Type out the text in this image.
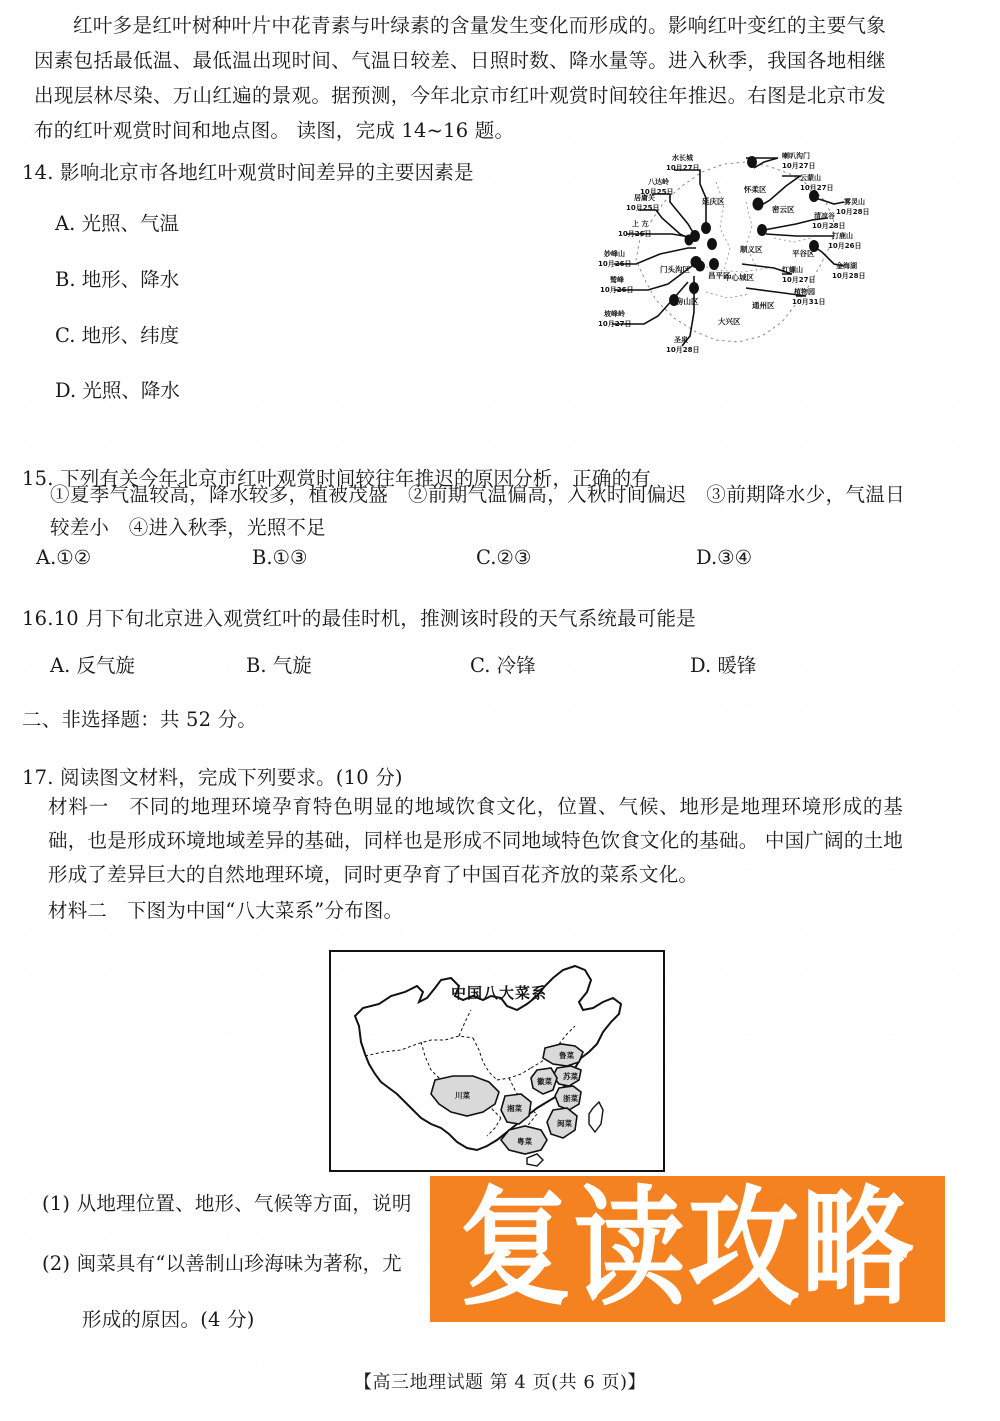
红叶多是红叶树种叶片中花青素与叶绿素的含量发生变化而形成的。影响红叶变红的主要气象因素包括最低温、最低温出现时间、气温日较差、日照时数、降水量等。进入秋季，我国各地相继出现层林尽染、万山红遍的景观。据预测，今年北京市红叶观赏时间较往年推迟。右图是北京市发布的红叶观赏时间和地点图。 读图，完成 14~16 题。
水长城
10月27日
喇叭沟门
10月27日
八达岭
10月25日
云蒙山
10月27日
居庸关
10月25日
雾灵山
10月28日
上 方
10月26日
清凉谷
10月28日
打鹿山
10月26日
妙峰山
10月26日	金海湖
10月28日
鹫峰
10月26日
红螺山
10月27日
坡峰岭
10月27日
植物园
10月31日
圣泉
10月28日
延庆区
昌平区
怀柔区
密云区
顺义区	平谷区
门头沟区
中心城区
房山区
大兴区
通州区
14. 影响北京市各地红叶观赏时间差异的主要因素是
A. 光照、气温
B. 地形、降水
C. 地形、纬度
D. 光照、降水
15. 下列有关今年北京市红叶观赏时间较往年推迟的原因分析，正确的有
①夏季气温较高，降水较多，植被茂盛　②前期气温偏高，入秋时间偏迟　③前期降水少，气温日较差小　④进入秋季，光照不足
A.①②	B.①③	C.②③	D.③④
16.10 月下旬北京进入观赏红叶的最佳时机，推测该时段的天气系统最可能是
A. 反气旋	B. 气旋	C. 冷锋	D. 暖锋
二、非选择题：共 52 分。
17. 阅读图文材料，完成下列要求。(10 分)
材料一  不同的地理环境孕育特色明显的地域饮食文化，位置、气候、地形是地理环境形成的基础，也是形成环境地域差异的基础，同样也是形成不同地域特色饮食文化的基础。 中国广阔的土地形成了差异巨大的自然地理环境，同时更孕育了中国百花齐放的菜系文化。
材料二  下图为中国“八大菜系”分布图。
中国八大菜系
鲁菜
苏菜
徽菜
浙菜
湘菜
闽菜
粤菜
川菜
(1) 从地理位置、地形、气候等方面，说明
(2) 闽菜具有“以善制山珍海味为著称，尤
形成的原因。(4 分)	复读攻略
【高三地理试题 第 4 页(共 6 页)】
